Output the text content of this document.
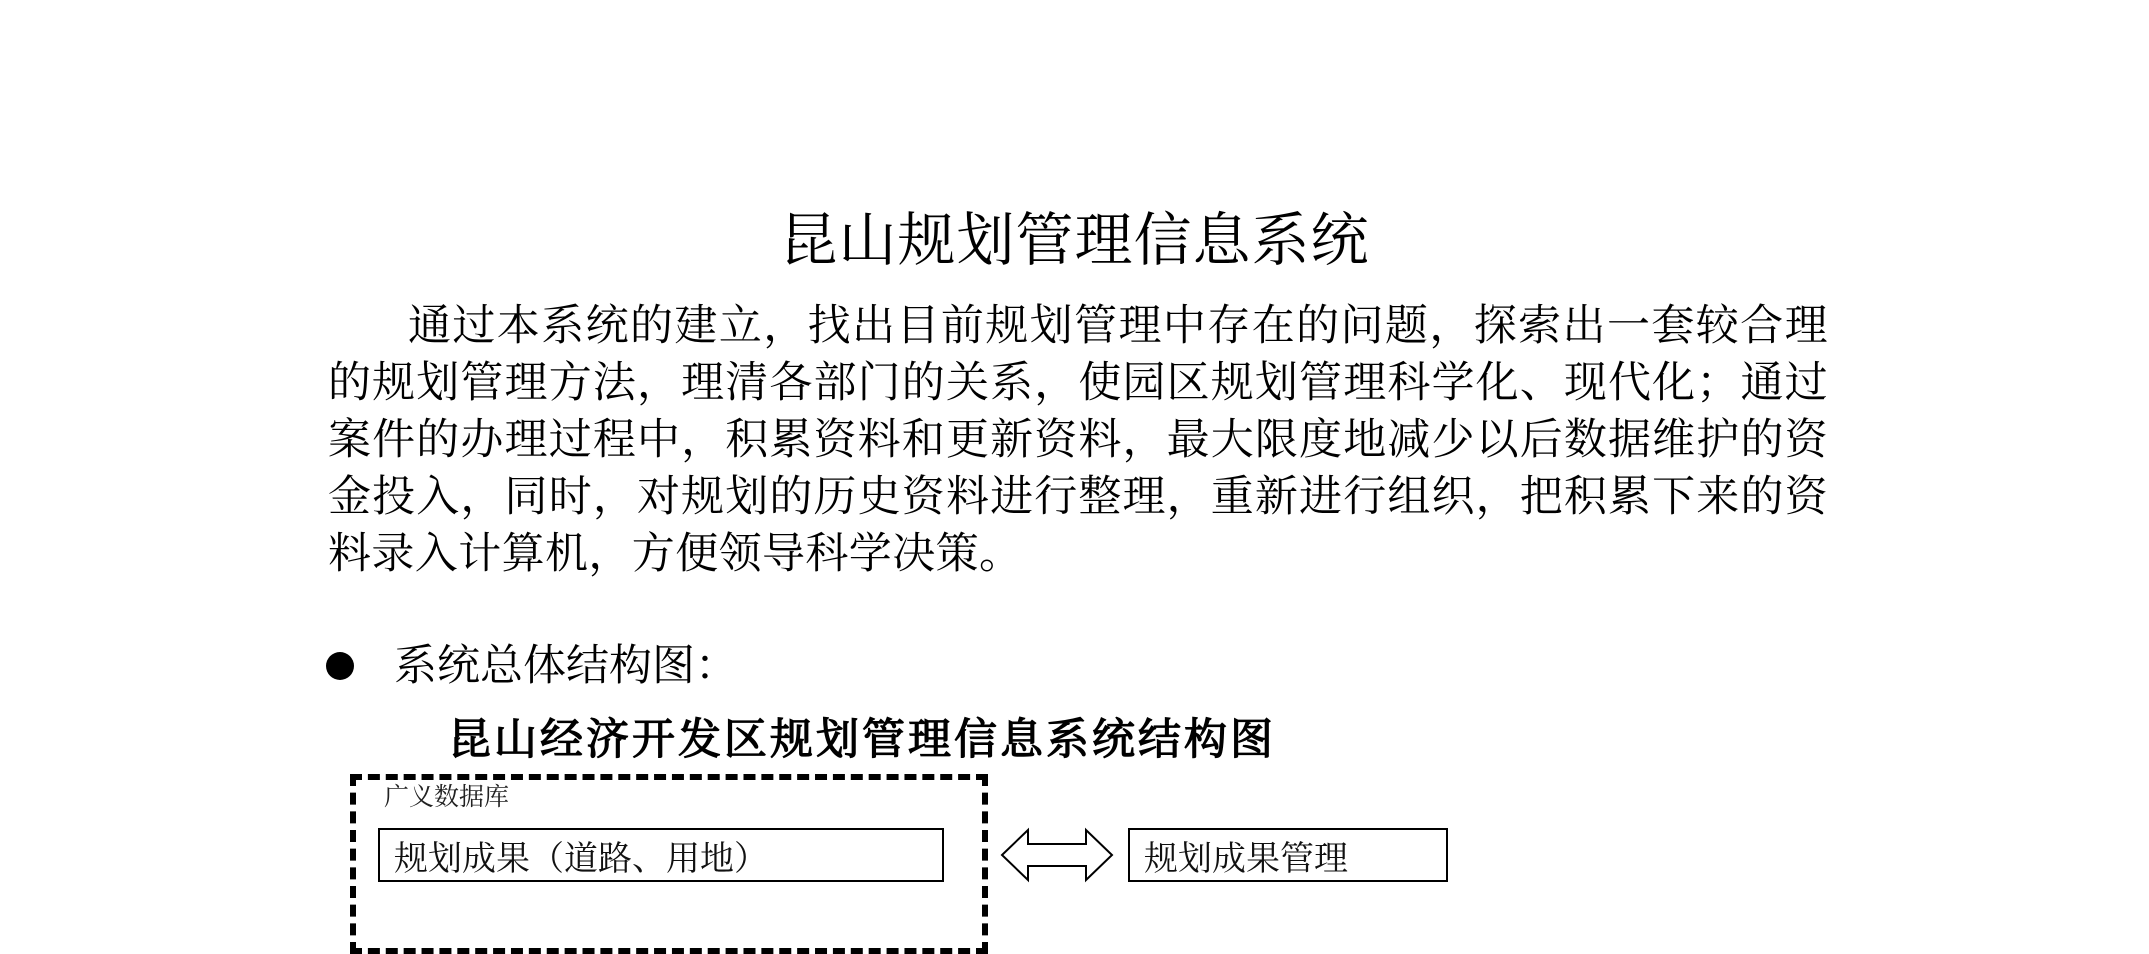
昆山规划管理信息系统
通过本系统的建立，找出目前规划管理中存在的问题，探索出一套较合理的规划管理方法，理清各部门的关系，使园区规划管理科学化、现代化；通过案件的办理过程中，积累资料和更新资料，最大限度地减少以后数据维护的资金投入，同时，对规划的历史资料进行整理，重新进行组织，把积累下来的资料录入计算机，方便领导科学决策。
系统总体结构图：
昆山经济开发区规划管理信息系统结构图
广义数据库
规划成果（道路、用地）	规划成果管理
